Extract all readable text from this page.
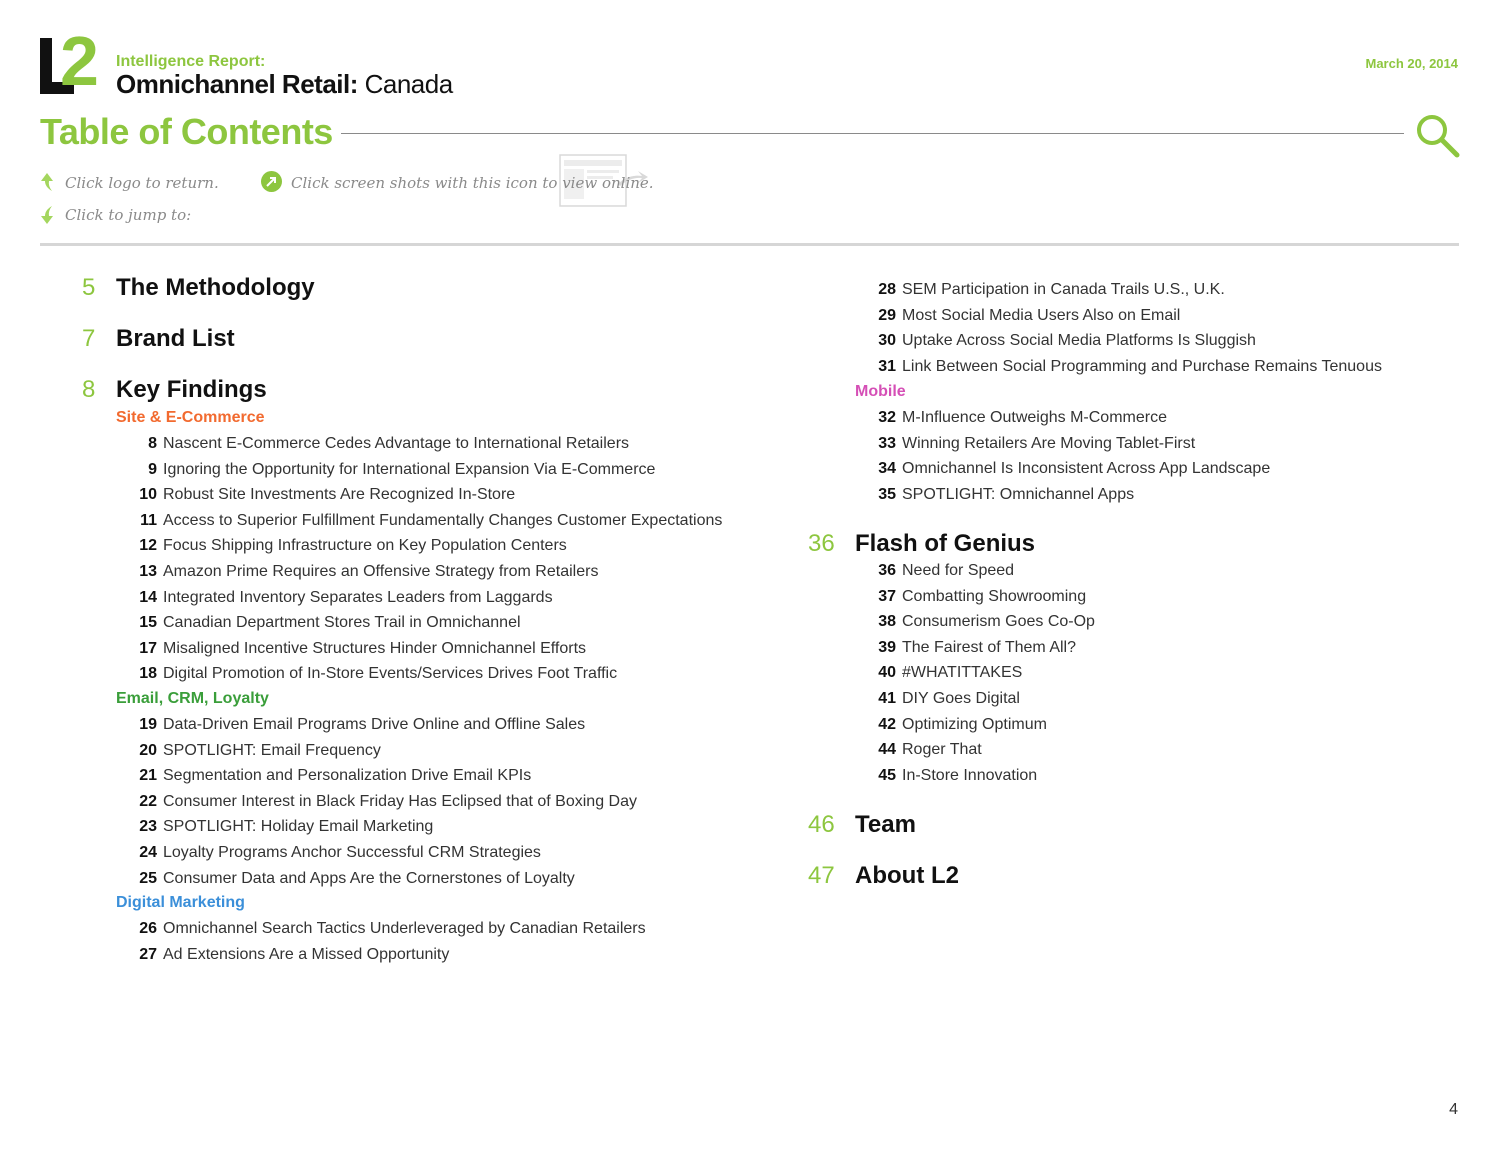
2 Intelligence Report:
Omnichannel Retail: Canada
March 20, 2014
Table of Contents
Click logo to return.
Click to jump to:
Click screen shots with this icon to view online.
5 The Methodology
7 Brand List
8 Key Findings
Site & E-Commerce
8 Nascent E-Commerce Cedes Advantage to International Retailers
9 Ignoring the Opportunity for International Expansion Via E-Commerce
10 Robust Site Investments Are Recognized In-Store
11 Access to Superior Fulfillment Fundamentally Changes Customer Expectations
12 Focus Shipping Infrastructure on Key Population Centers
13 Amazon Prime Requires an Offensive Strategy from Retailers
14 Integrated Inventory Separates Leaders from Laggards
15 Canadian Department Stores Trail in Omnichannel
17 Misaligned Incentive Structures Hinder Omnichannel Efforts
18 Digital Promotion of In-Store Events/Services Drives Foot Traffic
Email, CRM, Loyalty
19 Data-Driven Email Programs Drive Online and Offline Sales
20 SPOTLIGHT: Email Frequency
21 Segmentation and Personalization Drive Email KPIs
22 Consumer Interest in Black Friday Has Eclipsed that of Boxing Day
23 SPOTLIGHT: Holiday Email Marketing
24 Loyalty Programs Anchor Successful CRM Strategies
25 Consumer Data and Apps Are the Cornerstones of Loyalty
Digital Marketing
26 Omnichannel Search Tactics Underleveraged by Canadian Retailers
27 Ad Extensions Are a Missed Opportunity
28 SEM Participation in Canada Trails U.S., U.K.
29 Most Social Media Users Also on Email
30 Uptake Across Social Media Platforms Is Sluggish
31 Link Between Social Programming and Purchase Remains Tenuous
Mobile
32 M-Influence Outweighs M-Commerce
33 Winning Retailers Are Moving Tablet-First
34 Omnichannel Is Inconsistent Across App Landscape
35 SPOTLIGHT: Omnichannel Apps
36 Flash of Genius
36 Need for Speed
37 Combatting Showrooming
38 Consumerism Goes Co-Op
39 The Fairest of Them All?
40 #WHATITTAKES
41 DIY Goes Digital
42 Optimizing Optimum
44 Roger That
45 In-Store Innovation
46 Team
47 About L2
4
